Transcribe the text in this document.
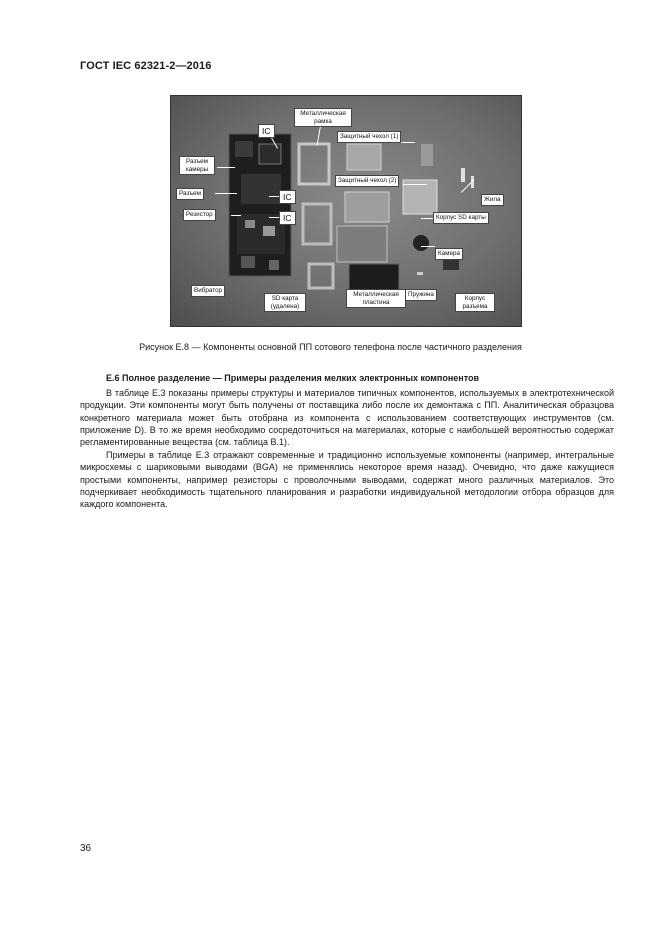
ГОСТ IEC 62321-2—2016
IC
Металлическая рамка
Защитный чехол (1)
Разъем камеры
Защитный чехол (2)
Разъем	IC	Жила
Резистор	IC	Корпус SD карты
Камера
Вибратор
SD карта (удалена)
Металлическая пластина
Пружина
Корпус разъема
Рисунок Е.8 — Компоненты основной ПП сотового телефона после частичного разделения
Е.6 Полное разделение — Примеры разделения мелких электронных компонентов
В таблице Е.3 показаны примеры структуры и материалов типичных компонентов, используемых в электротехнической продукции. Эти компоненты могут быть получены от поставщика либо после их демонтажа с ПП. Аналитическая образцова конкретного материала может быть отобрана из компонента с использованием соответствующих инструментов (см. приложение D). В то же время необходимо сосредоточиться на материалах, которые с наибольшей вероятностью содержат регламентированные вещества (см. таблица В.1).
Примеры в таблице Е.3 отражают современные и традиционно используемые компоненты (например, интегральные микросхемы с шариковыми выводами (BGA) не применялись некоторое время назад). Очевидно, что даже кажущиеся простыми компоненты, например резисторы с проволочными выводами, содержат много различных материалов. Это подчеркивает необходимость тщательного планирования и разработки индивидуальной методологии отбора образцов для каждого компонента.
36
